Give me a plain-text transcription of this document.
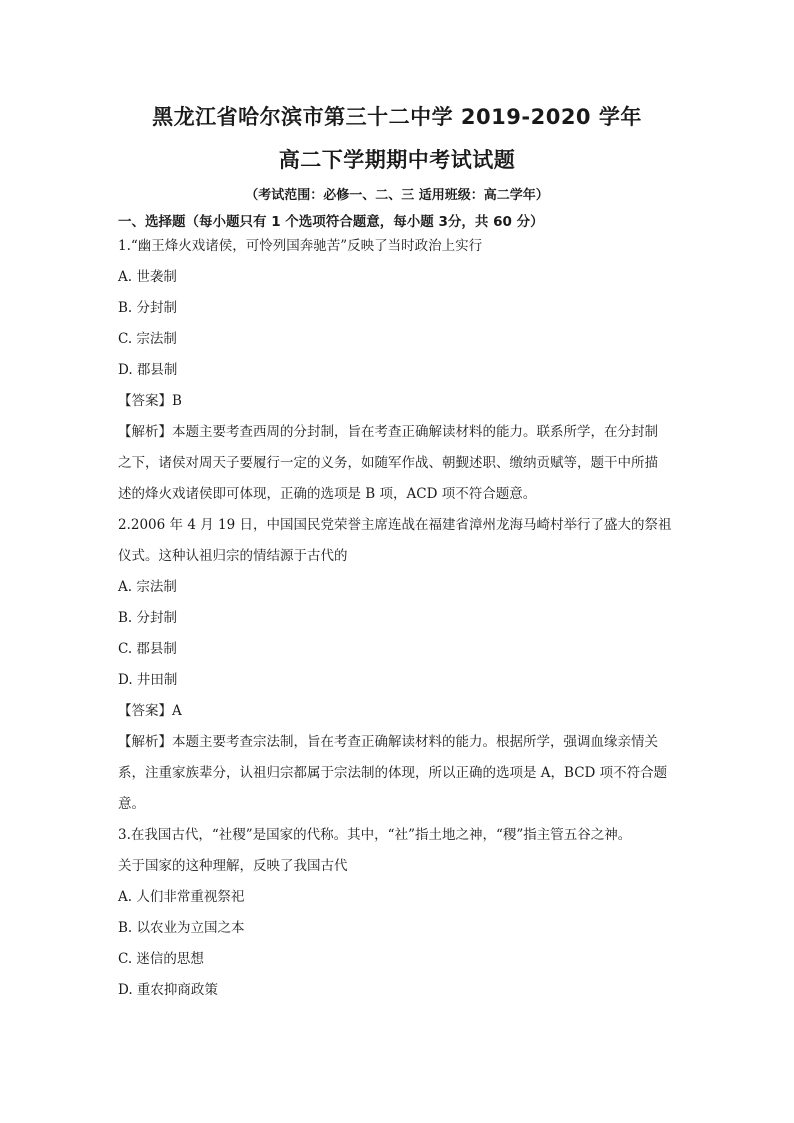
黑龙江省哈尔滨市第三十二中学 2019-2020 学年
高二下学期期中考试试题
（考试范围：必修一、二、三 适用班级：高二学年）
一、选择题（每小题只有 1 个选项符合题意，每小题 3分，共 60 分）
1.“幽王烽火戏诸侯，可怜列国奔驰苦”反映了当时政治上实行
A. 世袭制
B. 分封制
C. 宗法制
D. 郡县制
【答案】B
【解析】本题主要考查西周的分封制，旨在考查正确解读材料的能力。联系所学，在分封制
之下，诸侯对周天子要履行一定的义务，如随军作战、朝觐述职、缴纳贡赋等，题干中所描
述的烽火戏诸侯即可体现，正确的选项是 B 项，ACD 项不符合题意。
2.2006 年 4 月 19 日，中国国民党荣誉主席连战在福建省漳州龙海马崎村举行了盛大的祭祖
仪式。这种认祖归宗的情结源于古代的
A. 宗法制
B. 分封制
C. 郡县制
D. 井田制
【答案】A
【解析】本题主要考查宗法制，旨在考查正确解读材料的能力。根据所学，强调血缘亲情关
系，注重家族辈分，认祖归宗都属于宗法制的体现，所以正确的选项是 A，BCD 项不符合题
意。
3.在我国古代，“社稷”是国家的代称。其中，“社”指土地之神，“稷”指主管五谷之神。
关于国家的这种理解，反映了我国古代
A. 人们非常重视祭祀
B. 以农业为立国之本
C. 迷信的思想
D. 重农抑商政策
